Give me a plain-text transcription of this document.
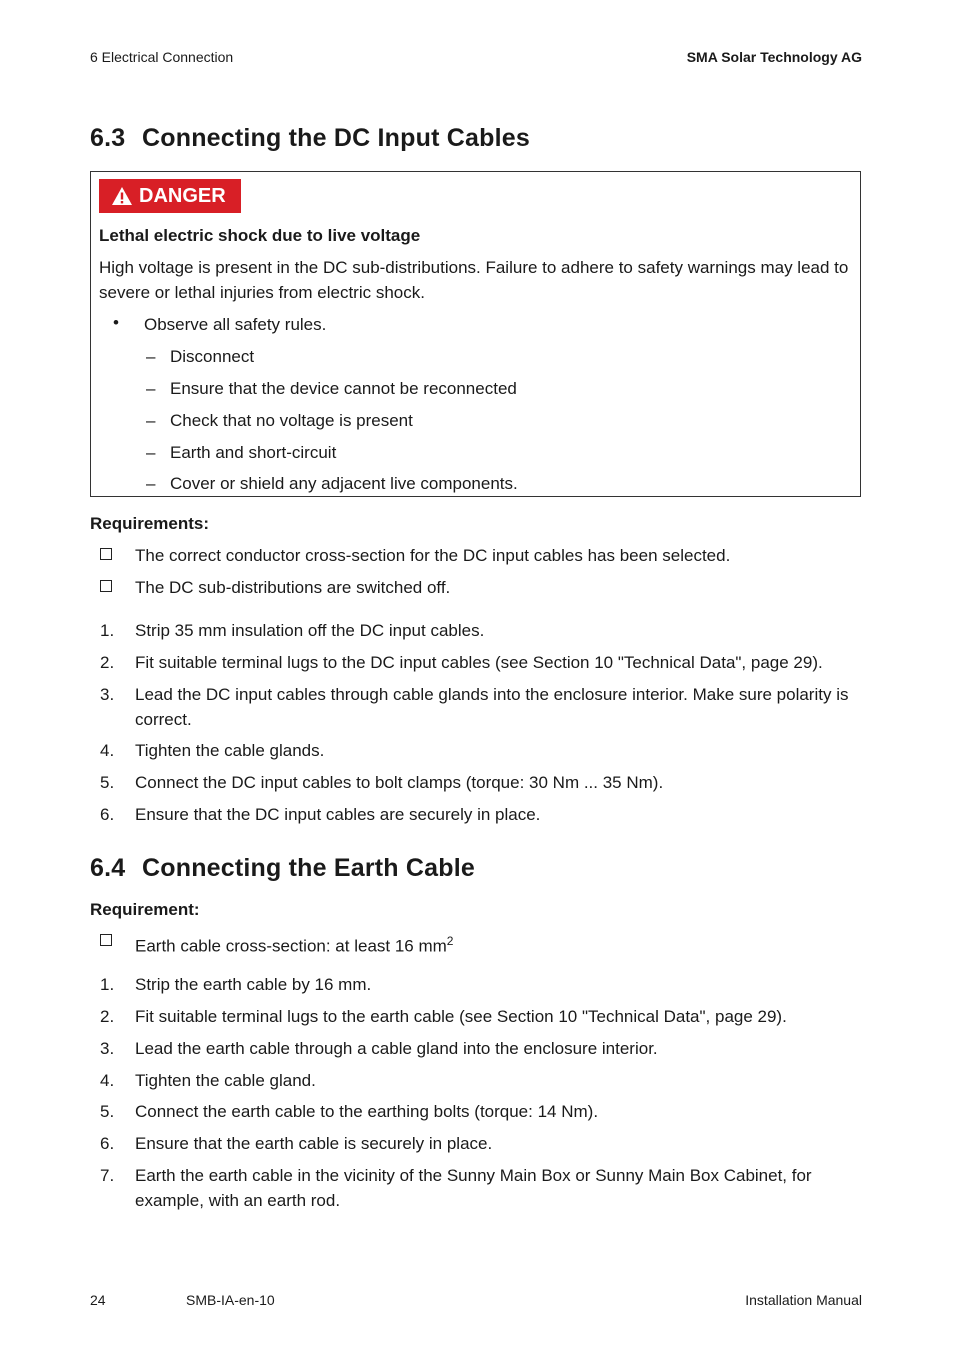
6 Electrical Connection	SMA Solar Technology AG
6.3 Connecting the DC Input Cables
DANGER
Lethal electric shock due to live voltage
High voltage is present in the DC sub-distributions. Failure to adhere to safety warnings may lead to severe or lethal injuries from electric shock.
• Observe all safety rules.
– Disconnect
– Ensure that the device cannot be reconnected
– Check that no voltage is present
– Earth and short-circuit
– Cover or shield any adjacent live components.
Requirements:
The correct conductor cross-section for the DC input cables has been selected.
The DC sub-distributions are switched off.
1. Strip 35 mm insulation off the DC input cables.
2. Fit suitable terminal lugs to the DC input cables (see Section 10 "Technical Data", page 29).
3. Lead the DC input cables through cable glands into the enclosure interior. Make sure polarity is correct.
4. Tighten the cable glands.
5. Connect the DC input cables to bolt clamps (torque: 30 Nm ... 35 Nm).
6. Ensure that the DC input cables are securely in place.
6.4 Connecting the Earth Cable
Requirement:
Earth cable cross-section: at least 16 $mm^2$
1. Strip the earth cable by 16 mm.
2. Fit suitable terminal lugs to the earth cable (see Section 10 "Technical Data", page 29).
3. Lead the earth cable through a cable gland into the enclosure interior.
4. Tighten the cable gland.
5. Connect the earth cable to the earthing bolts (torque: 14 Nm).
6. Ensure that the earth cable is securely in place.
7. Earth the earth cable in the vicinity of the Sunny Main Box or Sunny Main Box Cabinet, for example, with an earth rod.
24	SMB-IA-en-10	Installation Manual
